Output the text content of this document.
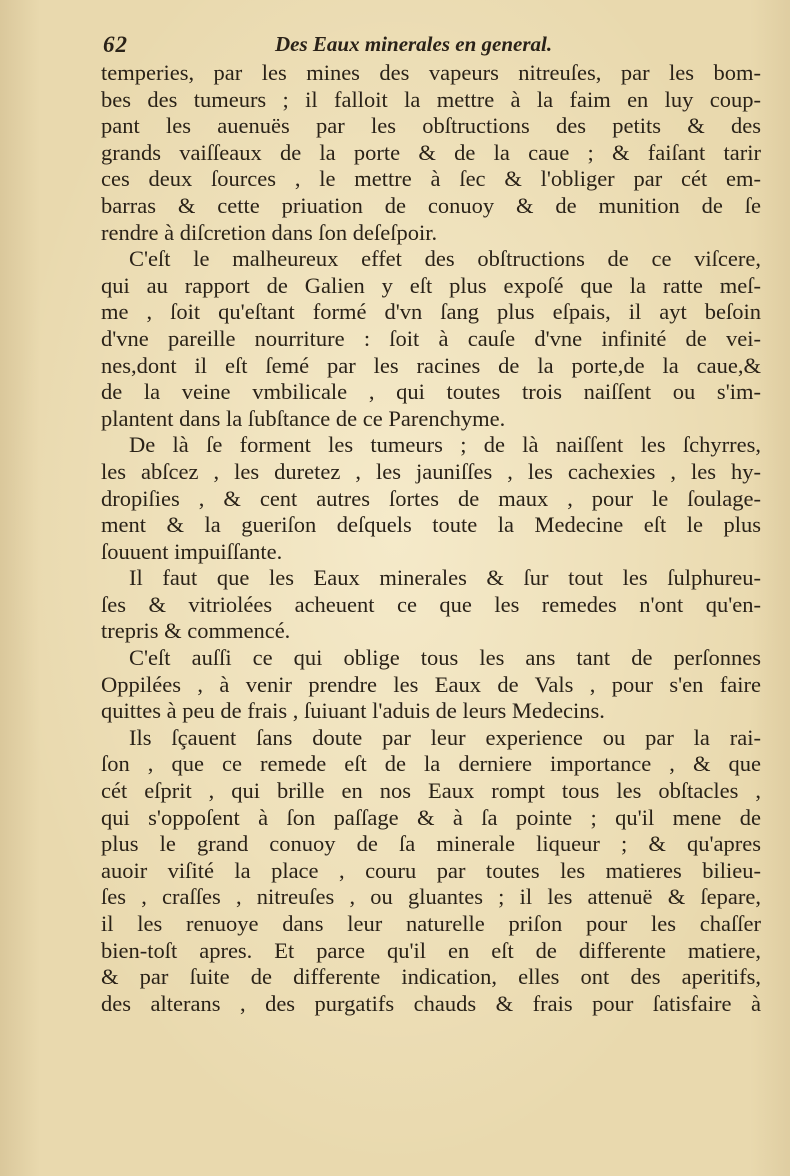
62	Des Eaux minerales en general.
temperies, par les mines des vapeurs nitreuſes, par les bom-
bes des tumeurs ; il falloit la mettre à la faim en luy coup-
pant les auenuës par les obſtructions des petits & des
grands vaiſſeaux de la porte & de la caue ; & faiſant tarir
ces deux ſources , le mettre à ſec & l'obliger par cét em-
barras & cette priuation de conuoy & de munition de ſe
rendre à diſcretion dans ſon deſeſpoir.
C'eſt le malheureux effet des obſtructions de ce viſcere,
qui au rapport de Galien y eſt plus expoſé que la ratte meſ-
me , ſoit qu'eſtant formé d'vn ſang plus eſpais, il ayt beſoin
d'vne pareille nourriture : ſoit à cauſe d'vne infinité de vei-
nes,dont il eſt ſemé par les racines de la porte,de la caue,&
de la veine vmbilicale , qui toutes trois naiſſent ou s'im-
plantent dans la ſubſtance de ce Parenchyme.
De là ſe forment les tumeurs ; de là naiſſent les ſchyrres,
les abſcez , les duretez , les jauniſſes , les cachexies , les hy-
dropiſies , & cent autres ſortes de maux , pour le ſoulage-
ment & la gueriſon deſquels toute la Medecine eſt le plus
ſouuent impuiſſante.
Il faut que les Eaux minerales & ſur tout les ſulphureu-
ſes & vitriolées acheuent ce que les remedes n'ont qu'en-
trepris & commencé.
C'eſt auſſi ce qui oblige tous les ans tant de perſonnes
Oppilées , à venir prendre les Eaux de Vals , pour s'en faire
quittes à peu de frais , ſuiuant l'aduis de leurs Medecins.
Ils ſçauent ſans doute par leur experience ou par la rai-
ſon , que ce remede eſt de la derniere importance , & que
cét eſprit , qui brille en nos Eaux rompt tous les obſtacles ,
qui s'oppoſent à ſon paſſage & à ſa pointe ; qu'il mene de
plus le grand conuoy de ſa minerale liqueur ; & qu'apres
auoir viſité la place , couru par toutes les matieres bilieu-
ſes , craſſes , nitreuſes , ou gluantes ; il les attenuë & ſepare,
il les renuoye dans leur naturelle priſon pour les chaſſer
bien-toſt apres. Et parce qu'il en eſt de differente matiere,
& par ſuite de differente indication, elles ont des aperitifs,
des alterans , des purgatifs chauds & frais pour ſatisfaire à
